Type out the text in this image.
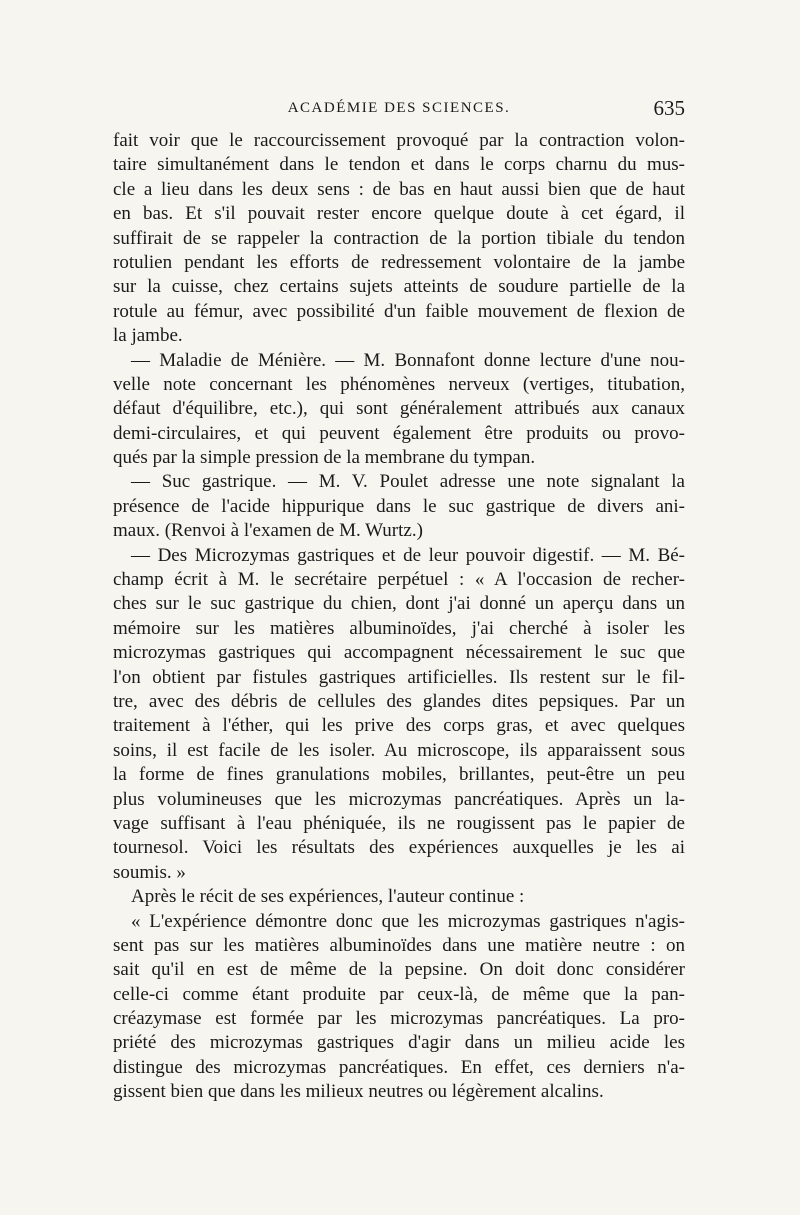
ACADÉMIE DES SCIENCES.	635
fait voir que le raccourcissement provoqué par la contraction volon-
taire simultanément dans le tendon et dans le corps charnu du mus-
cle a lieu dans les deux sens : de bas en haut aussi bien que de haut
en bas. Et s'il pouvait rester encore quelque doute à cet égard, il
suffirait de se rappeler la contraction de la portion tibiale du tendon
rotulien pendant les efforts de redressement volontaire de la jambe
sur la cuisse, chez certains sujets atteints de soudure partielle de la
rotule au fémur, avec possibilité d'un faible mouvement de flexion de
la jambe.
— Maladie de Ménière. — M. Bonnafont donne lecture d'une nou-
velle note concernant les phénomènes nerveux (vertiges, titubation,
défaut d'équilibre, etc.), qui sont généralement attribués aux canaux
demi-circulaires, et qui peuvent également être produits ou provo-
qués par la simple pression de la membrane du tympan.
— Suc gastrique. — M. V. Poulet adresse une note signalant la
présence de l'acide hippurique dans le suc gastrique de divers ani-
maux. (Renvoi à l'examen de M. Wurtz.)
— Des Microzymas gastriques et de leur pouvoir digestif. — M. Bé-
champ écrit à M. le secrétaire perpétuel : « A l'occasion de recher-
ches sur le suc gastrique du chien, dont j'ai donné un aperçu dans un
mémoire sur les matières albuminoïdes, j'ai cherché à isoler les
microzymas gastriques qui accompagnent nécessairement le suc que
l'on obtient par fistules gastriques artificielles. Ils restent sur le fil-
tre, avec des débris de cellules des glandes dites pepsiques. Par un
traitement à l'éther, qui les prive des corps gras, et avec quelques
soins, il est facile de les isoler. Au microscope, ils apparaissent sous
la forme de fines granulations mobiles, brillantes, peut-être un peu
plus volumineuses que les microzymas pancréatiques. Après un la-
vage suffisant à l'eau phéniquée, ils ne rougissent pas le papier de
tournesol. Voici les résultats des expériences auxquelles je les ai
soumis. »
Après le récit de ses expériences, l'auteur continue :
« L'expérience démontre donc que les microzymas gastriques n'agis-
sent pas sur les matières albuminoïdes dans une matière neutre : on
sait qu'il en est de même de la pepsine. On doit donc considérer
celle-ci comme étant produite par ceux-là, de même que la pan-
créazymase est formée par les microzymas pancréatiques. La pro-
priété des microzymas gastriques d'agir dans un milieu acide les
distingue des microzymas pancréatiques. En effet, ces derniers n'a-
gissent bien que dans les milieux neutres ou légèrement alcalins.
